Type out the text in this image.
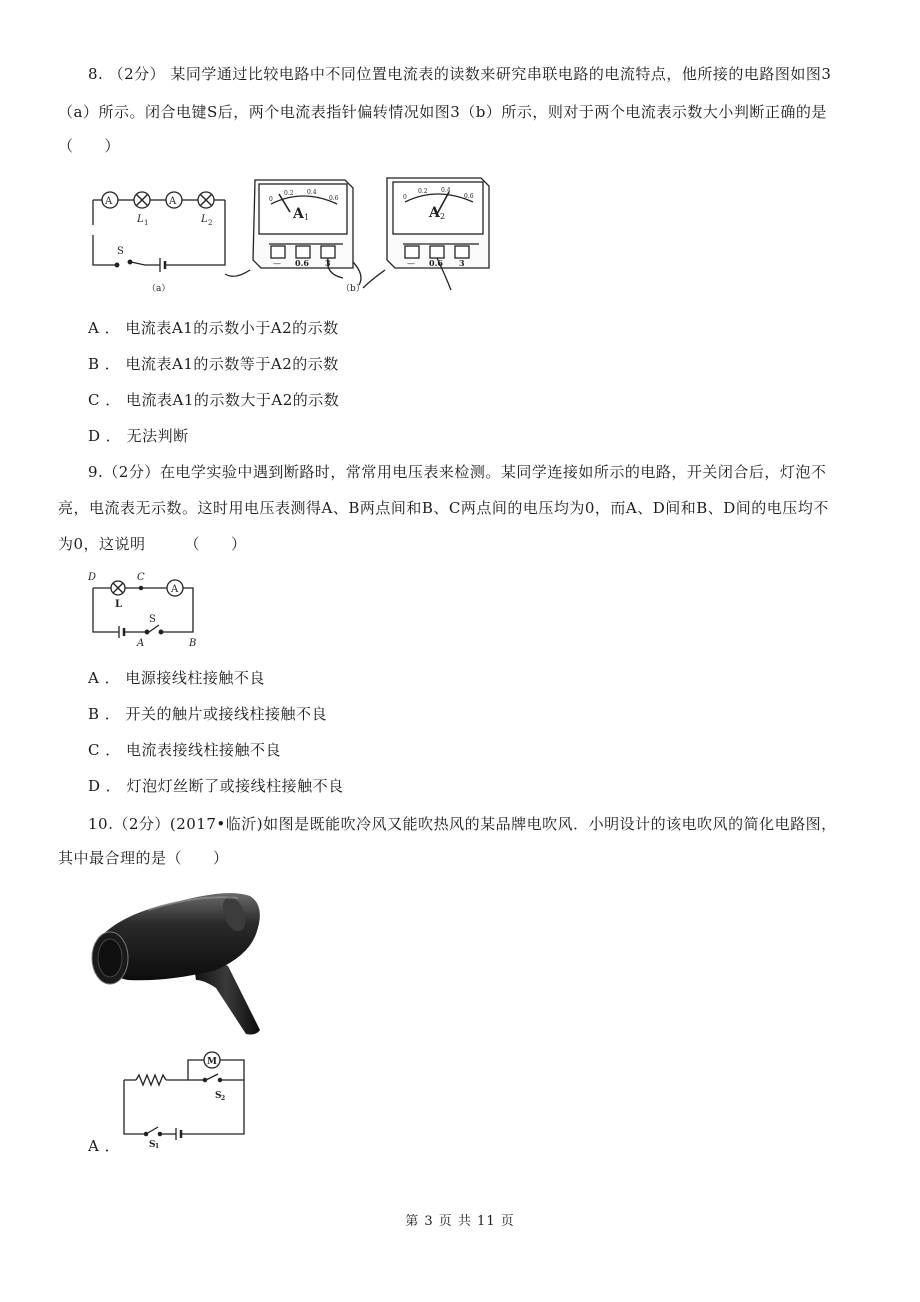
8. （2分） 某同学通过比较电路中不同位置电流表的读数来研究串联电路的电流特点，他所接的电路图如图3
（a）所示。闭合电键S后，两个电流表指针偏转情况如图3（b）所示，则对于两个电流表示数大小判断正确的是
（　　）
A	A
L 1	L 2
S
（a）
0
0.2 0.4
0.6
A 1
— 0.6 3
0
0.2 0.4
0.6
A 2
— 0.6 3
（b）
A ． 电流表A1的示数小于A2的示数
B ． 电流表A1的示数等于A2的示数
C ． 电流表A1的示数大于A2的示数
D ． 无法判断
9.（2分）在电学实验中遇到断路时，常常用电压表来检测。某同学连接如所示的电路，开关闭合后，灯泡不
亮，电流表无示数。这时用电压表测得A、B两点间和B、C两点间的电压均为0，而A、D间和B、D间的电压均不
为0，这说明　　　（　　）
D	C
A	B
A
L
S
A ． 电源接线柱接触不良
B ． 开关的触片或接线柱接触不良
C ． 电流表接线柱接触不良
D ． 灯泡灯丝断了或接线柱接触不良
10.（2分）(2017•临沂)如图是既能吹冷风又能吹热风的某品牌电吹风．小明设计的该电吹风的简化电路图，
其中最合理的是（　　）
M
S 2
S 1
A ．
第 3 页 共 11 页
